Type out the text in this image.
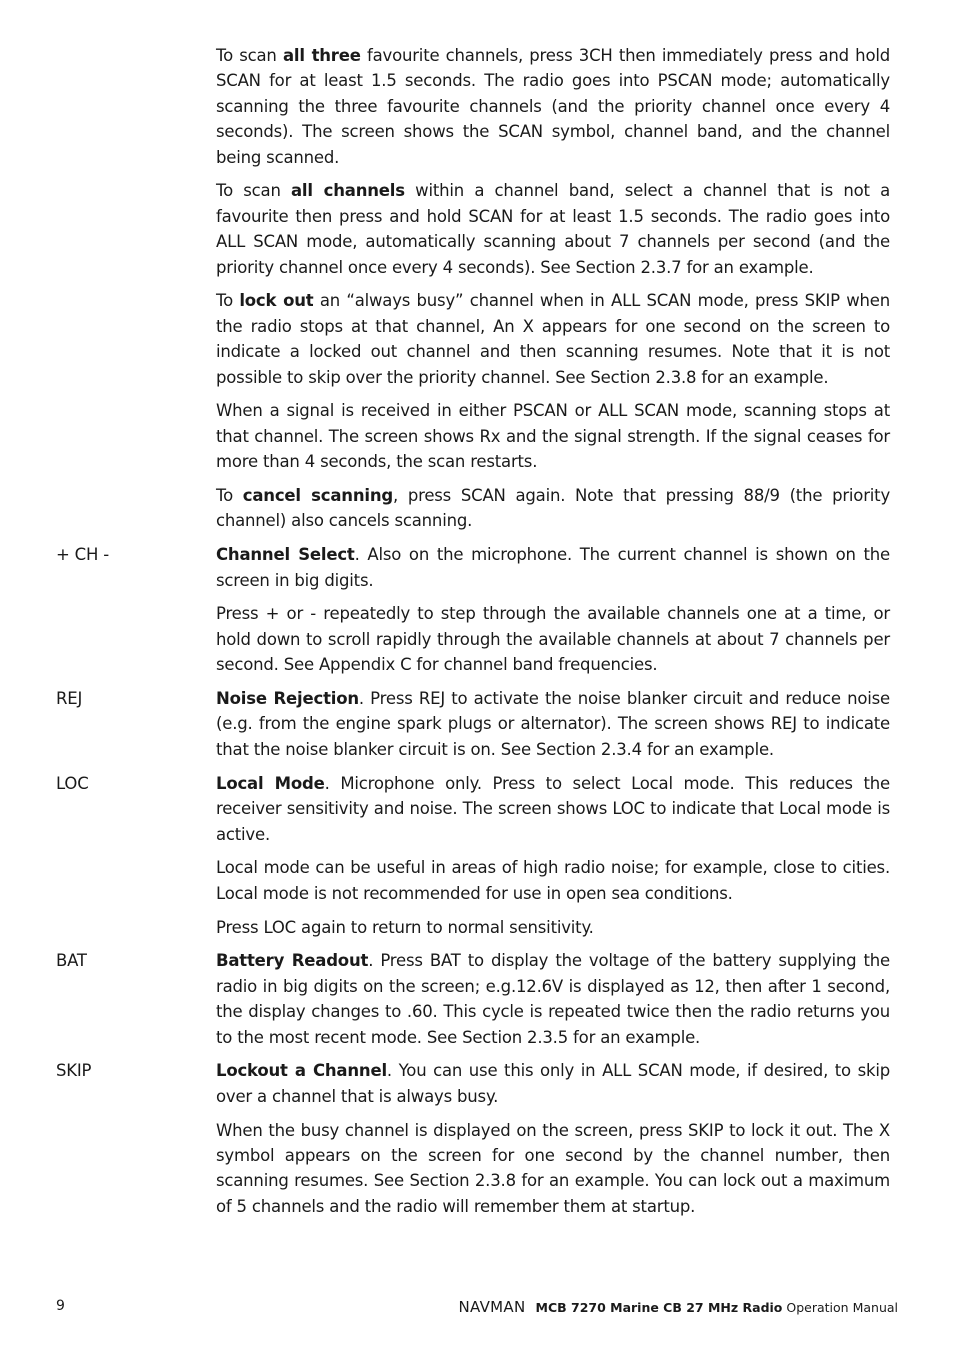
To scan all three favourite channels, press 3CH then immediately press and hold SCAN for at least 1.5 seconds. The radio goes into PSCAN mode; automatically scanning the three favourite channels (and the priority channel once every 4 seconds). The screen shows the SCAN symbol, channel band, and the channel being scanned.

To scan all channels within a channel band, select a channel that is not a favourite then press and hold SCAN for at least 1.5 seconds. The radio goes into ALL SCAN mode, automatically scanning about 7 channels per second (and the priority channel once every 4 seconds). See Section 2.3.7 for an example.

To lock out an “always busy” channel when in ALL SCAN mode, press SKIP when the radio stops at that channel, An X appears for one second on the screen to indicate a locked out channel and then scanning resumes. Note that it is not possible to skip over the priority channel. See Section 2.3.8 for an example.

When a signal is received in either PSCAN or ALL SCAN mode, scanning stops at that channel. The screen shows Rx and the signal strength. If the signal ceases for more than 4 seconds, the scan restarts.

To cancel scanning, press SCAN again. Note that pressing 88/9 (the priority channel) also cancels scanning.

+ CH -	Channel Select. Also on the microphone. The current channel is shown on the screen in big digits.

Press + or - repeatedly to step through the available channels one at a time, or hold down to scroll rapidly through the available channels at about 7 channels per second. See Appendix C for channel band frequencies.

REJ	Noise Rejection. Press REJ to activate the noise blanker circuit and reduce noise (e.g. from the engine spark plugs or alternator). The screen shows REJ to indicate that the noise blanker circuit is on. See Section 2.3.4 for an example.

LOC	Local Mode. Microphone only. Press to select Local mode. This reduces the receiver sensitivity and noise. The screen shows LOC to indicate that Local mode is active.

Local mode can be useful in areas of high radio noise; for example, close to cities. Local mode is not recommended for use in open sea conditions.

Press LOC again to return to normal sensitivity.

BAT	Battery Readout. Press BAT to display the voltage of the battery supplying the radio in big digits on the screen; e.g.12.6V is displayed as 12, then after 1 second, the display changes to .60. This cycle is repeated twice then the radio returns you to the most recent mode. See Section 2.3.5 for an example.

SKIP	Lockout a Channel. You can use this only in ALL SCAN mode, if desired, to skip over a channel that is always busy.

When the busy channel is displayed on the screen, press SKIP to lock it out. The X symbol appears on the screen for one second by the channel number, then scanning resumes. See Section 2.3.8 for an example. You can lock out a maximum of 5 channels and the radio will remember them at startup.

9	NAVMAN MCB 7270 Marine CB 27 MHz Radio Operation Manual
